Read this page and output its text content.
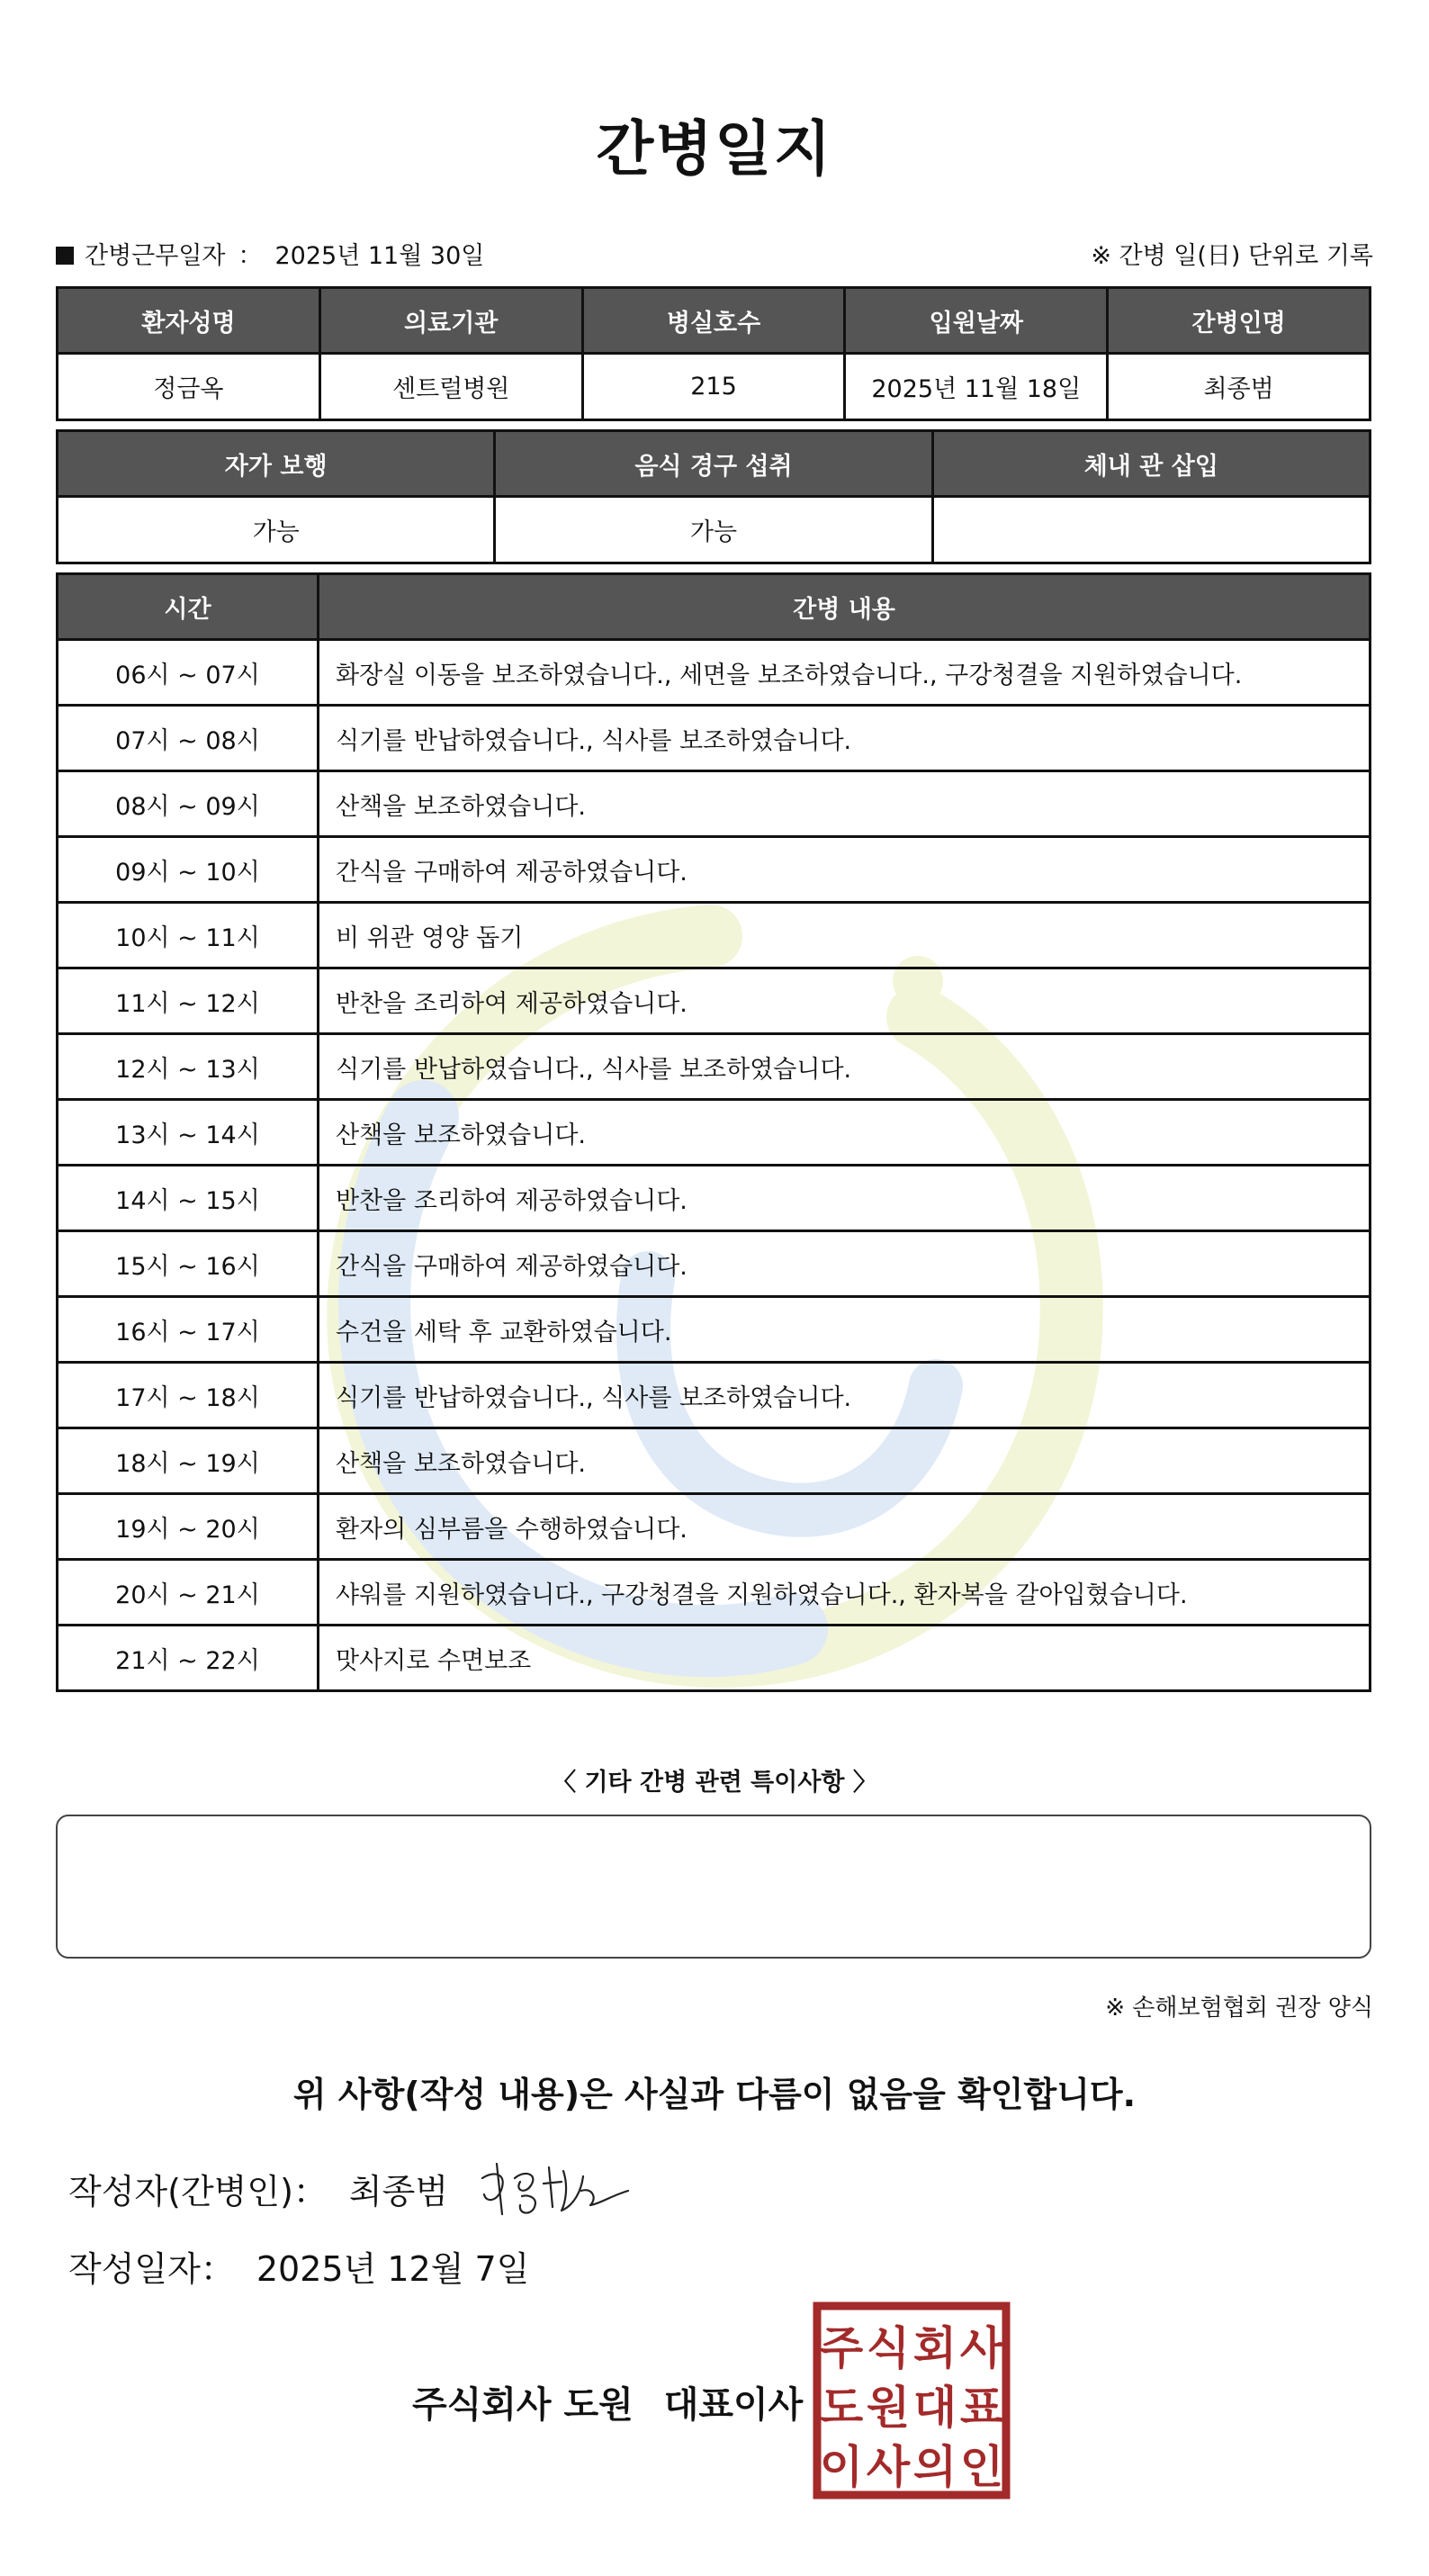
간병일지
간병근무일자 ： 2025년 11월 30일	※ 간병 일(日) 단위로 기록
환자성명	의료기관	병실호수	입원날짜	간병인명
정금옥	센트럴병원	215	2025년 11월 18일	최종범
자가 보행	음식 경구 섭취	체내 관 삽입
가능	가능	
시간	간병 내용
06시 ~ 07시	화장실 이동을 보조하였습니다., 세면을 보조하였습니다., 구강청결을 지원하였습니다.
07시 ~ 08시	식기를 반납하였습니다., 식사를 보조하였습니다.
08시 ~ 09시	산책을 보조하였습니다.
09시 ~ 10시	간식을 구매하여 제공하였습니다.
10시 ~ 11시	비 위관 영양 돕기
11시 ~ 12시	반찬을 조리하여 제공하였습니다.
12시 ~ 13시	식기를 반납하였습니다., 식사를 보조하였습니다.
13시 ~ 14시	산책을 보조하였습니다.
14시 ~ 15시	반찬을 조리하여 제공하였습니다.
15시 ~ 16시	간식을 구매하여 제공하였습니다.
16시 ~ 17시	수건을 세탁 후 교환하였습니다.
17시 ~ 18시	식기를 반납하였습니다., 식사를 보조하였습니다.
18시 ~ 19시	산책을 보조하였습니다.
19시 ~ 20시	환자의 심부름을 수행하였습니다.
20시 ~ 21시	샤워를 지원하였습니다., 구강청결을 지원하였습니다., 환자복을 갈아입혔습니다.
21시 ~ 22시	맛사지로 수면보조
〈 기타 간병 관련 특이사항 〉
※ 손해보험협회 권장 양식
위 사항(작성 내용)은 사실과 다름이 없음을 확인합니다.
작성자(간병인)： 최종범
작성일자： 2025년 12월 7일
주식회사 도원 대표이사
주 식 회 사
도 원 대 표
이 사 의 인
